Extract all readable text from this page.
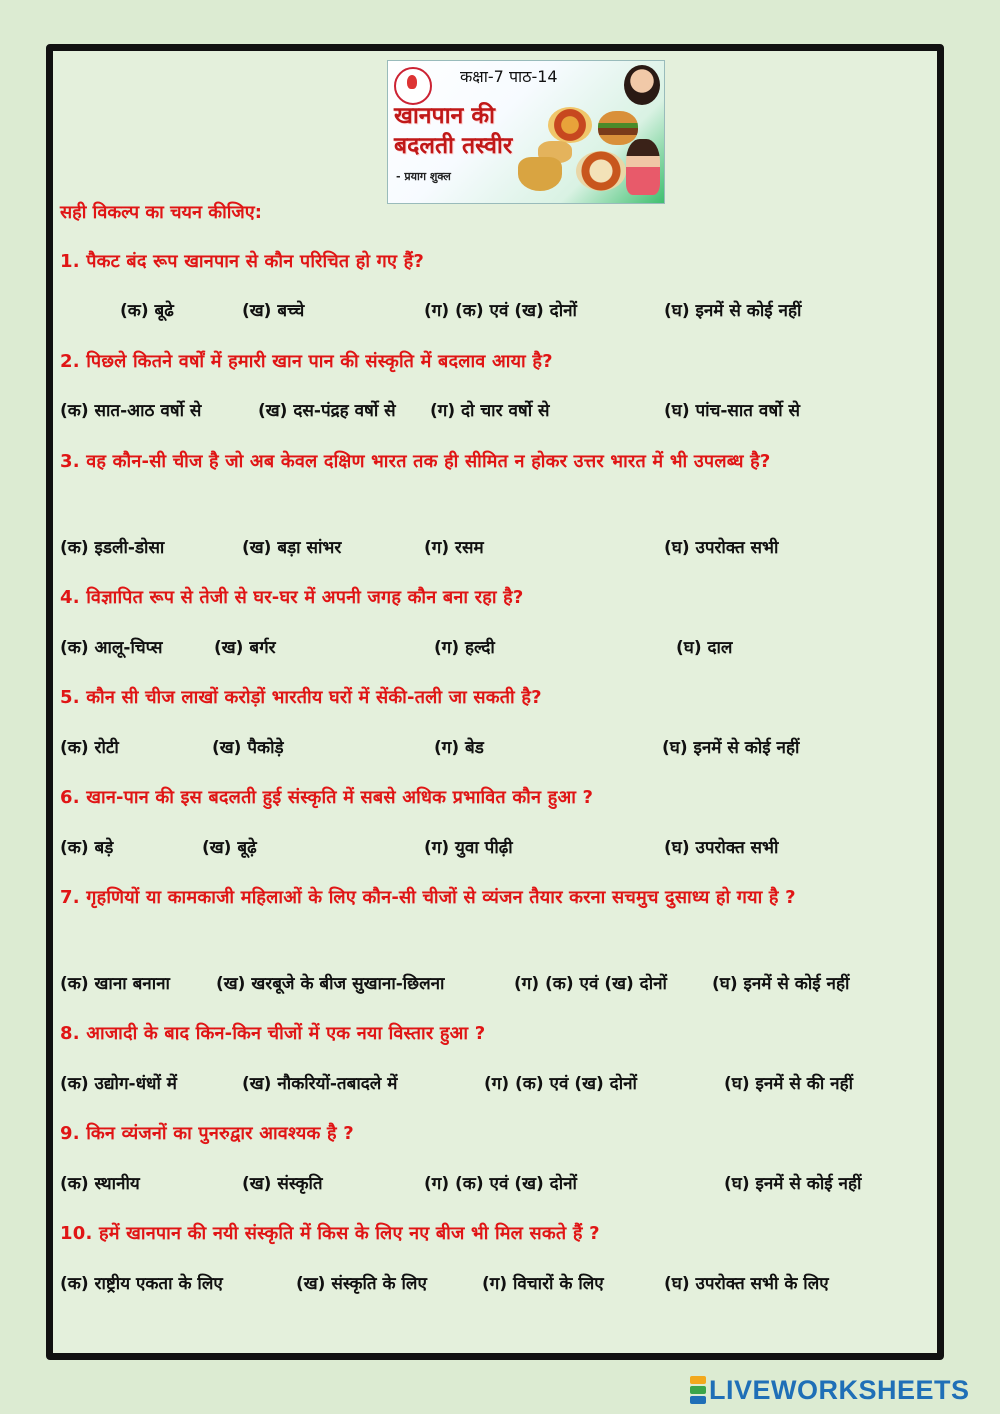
कक्षा-7 पाठ-14
खानपान की
बदलती तस्वीर
- प्रयाग शुक्ल
सही विकल्प का चयन कीजिए:
1. पैकट बंद रूप खानपान से कौन परिचित हो गए हैं?
(क) बूढे	(ख) बच्चे	(ग) (क) एवं (ख) दोनों	(घ) इनमें से कोई नहीं
2. पिछले कितने वर्षों में हमारी खान पान की संस्कृति में बदलाव आया है?
(क) सात-आठ वर्षो से	(ख) दस-पंद्रह वर्षो से (ग) दो चार वर्षो से	(घ) पांच-सात वर्षो से
3. वह कौन-सी चीज है जो अब केवल दक्षिण भारत तक ही सीमित न होकर उत्तर भारत में भी उपलब्ध है?
(क) इडली-डोसा	(ख) बड़ा सांभर	(ग) रसम	(घ) उपरोक्त सभी
4. विज्ञापित रूप से तेजी से घर-घर में अपनी जगह कौन बना रहा है?
(क) आलू-चिप्स	(ख) बर्गर	(ग) हल्दी	(घ) दाल
5. कौन सी चीज लाखों करोड़ों भारतीय घरों में सेंकी-तली जा सकती है?
(क) रोटी	(ख) पैकोड़े	(ग) बेड	(घ) इनमें से कोई नहीं
6. खान-पान की इस बदलती हुई संस्कृति में सबसे अधिक प्रभावित कौन हुआ ?
(क) बड़े	(ख) बूढ़े	(ग) युवा पीढ़ी	(घ) उपरोक्त सभी
7. गृहणियों या कामकाजी महिलाओं के लिए कौन-सी चीजों से व्यंजन तैयार करना सचमुच दुसाध्य हो गया है ?
(क) खाना बनाना	(ख) खरबूजे के बीज सुखाना-छिलना	(ग) (क) एवं (ख) दोनों	(घ) इनमें से कोई नहीं
8. आजादी के बाद किन-किन चीजों में एक नया विस्तार हुआ ?
(क) उद्योग-धंधों में	(ख) नौकरियों-तबादले में	(ग) (क) एवं (ख) दोनों	(घ) इनमें से की नहीं
9. किन व्यंजनों का पुनरुद्वार आवश्यक है ?
(क) स्थानीय	(ख) संस्कृति	(ग) (क) एवं (ख) दोनों	(घ) इनमें से कोई नहीं
10. हमें खानपान की नयी संस्कृति में किस के लिए नए बीज भी मिल सकते हैं ?
(क) राष्ट्रीय एकता के लिए	(ख) संस्कृति के लिए	(ग) विचारों के लिए	(घ) उपरोक्त सभी के लिए
LIVEWORKSHEETS
